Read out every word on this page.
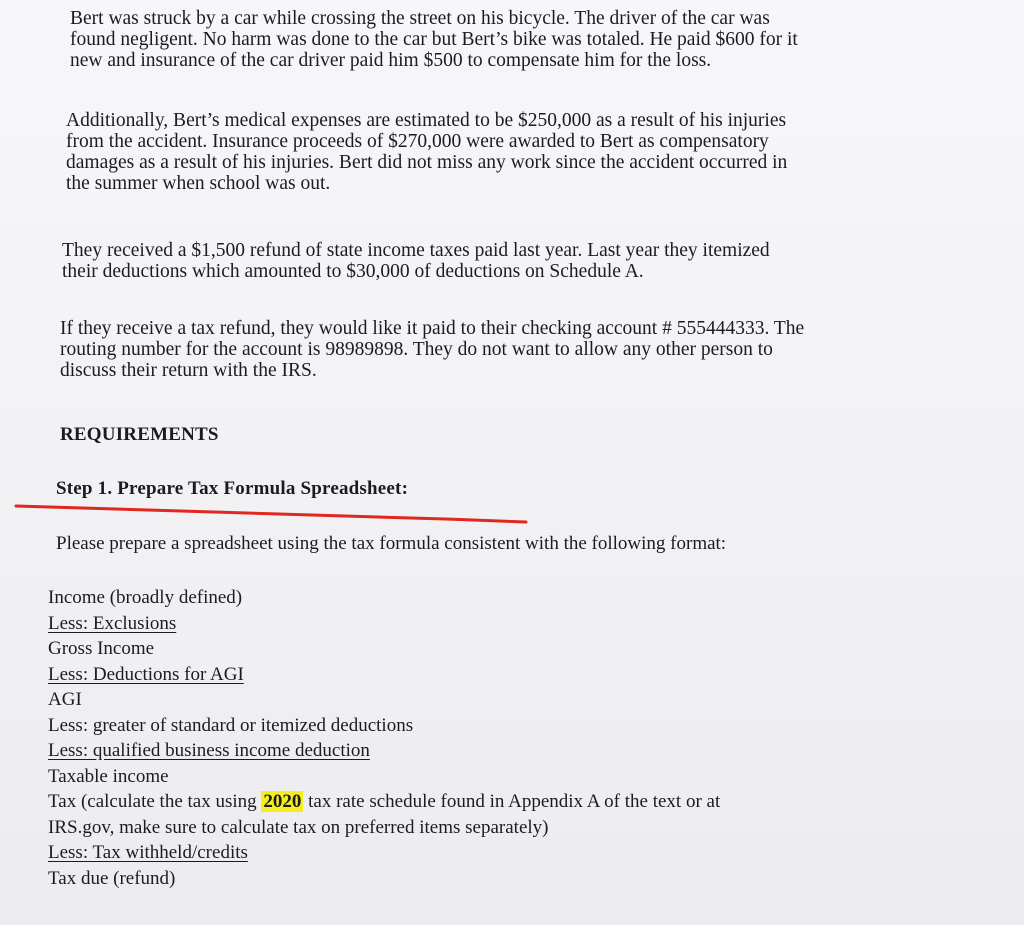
Bert was struck by a car while crossing the street on his bicycle. The driver of the car was
found negligent. No harm was done to the car but Bert’s bike was totaled. He paid $600 for it
new and insurance of the car driver paid him $500 to compensate him for the loss.
Additionally, Bert’s medical expenses are estimated to be $250,000 as a result of his injuries
from the accident. Insurance proceeds of $270,000 were awarded to Bert as compensatory
damages as a result of his injuries. Bert did not miss any work since the accident occurred in
the summer when school was out.
They received a $1,500 refund of state income taxes paid last year. Last year they itemized
their deductions which amounted to $30,000 of deductions on Schedule A.
If they receive a tax refund, they would like it paid to their checking account # 555444333. The
routing number for the account is 98989898. They do not want to allow any other person to
discuss their return with the IRS.
REQUIREMENTS
Step 1. Prepare Tax Formula Spreadsheet:
Please prepare a spreadsheet using the tax formula consistent with the following format:
Income (broadly defined)
Less: Exclusions
Gross Income
Less: Deductions for AGI
AGI
Less: greater of standard or itemized deductions
Less: qualified business income deduction
Taxable income
Tax (calculate the tax using 2020 tax rate schedule found in Appendix A of the text or at
IRS.gov, make sure to calculate tax on preferred items separately)
Less: Tax withheld/credits
Tax due (refund)
